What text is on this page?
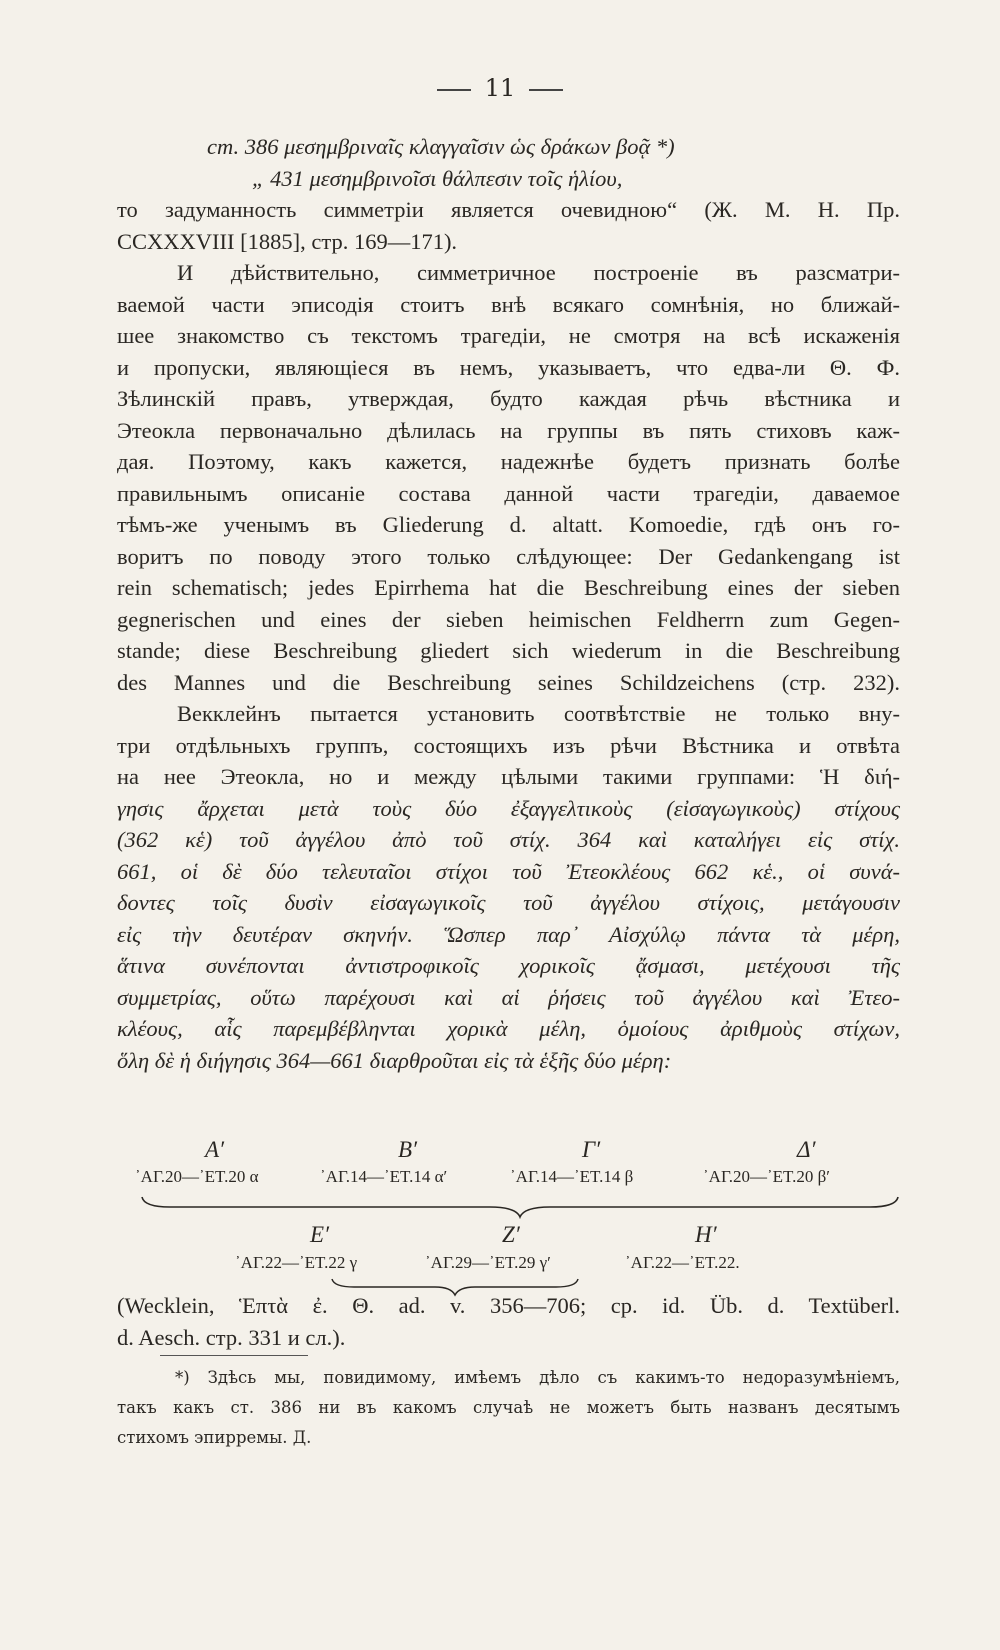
11
ст. 386 μεσημβριναῖς κλαγγαῖσιν ὡς δράκων βοᾷ *)
„ 431 μεσημβρινοῖσι θάλπεσιν τοῖς ἡλίου,
то задуманность симметріи является очевидною“ (Ж. М. Н. Пр.
CCXXXVIII [1885], стр. 169—171).
И дѣйствительно, симметричное построеніе въ разсматри-
ваемой части эписодія стоитъ внѣ всякаго сомнѣнія, но ближай-
шее знакомство съ текстомъ трагедіи, не смотря на всѣ искаженія
и пропуски, являющіеся въ немъ, указываетъ, что едва-ли Θ. Ф.
Зѣлинскій правъ, утверждая, будто каждая рѣчь вѣстника и
Этеокла первоначально дѣлилась на группы въ пять стиховъ каж-
дая. Поэтому, какъ кажется, надежнѣе будетъ признать болѣе
правильнымъ описаніе состава данной части трагедіи, даваемое
тѣмъ-же ученымъ въ Gliederung d. altatt. Komoedie, гдѣ онъ го-
воритъ по поводу этого только слѣдующее: Der Gedankengang ist
rein schematisch; jedes Epirrhema hat die Beschreibung eines der sieben
gegnerischen und eines der sieben heimischen Feldherrn zum Gegen-
stande; diese Beschreibung gliedert sich wiederum in die Beschreibung
des Mannes und die Beschreibung seines Schildzeichens (стр. 232).
Векклейнъ пытается установить соотвѣтствіе не только вну-
три отдѣльныхъ группъ, состоящихъ изъ рѣчи Вѣстника и отвѣта
на нее Этеокла, но и между цѣлыми такими группами: Ἡ διή-
γησις ἄρχεται μετὰ τοὺς δύο ἐξαγγελτικοὺς (εἰσαγωγικοὺς) στίχους
(362 κἑ) τοῦ ἀγγέλου ἀπὸ τοῦ στίχ. 364 καὶ καταλήγει εἰς στίχ.
661, οἱ δὲ δύο τελευταῖοι στίχοι τοῦ Ἐτεοκλέους 662 κἑ., οἱ συνά-
δοντες τοῖς δυσὶν εἰσαγωγικοῖς τοῦ ἀγγέλου στίχοις, μετάγουσιν
εἰς τὴν δευτέραν σκηνήν. Ὥσπερ παρ᾽ Αἰσχύλῳ πάντα τὰ μέρη,
ἅτινα συνέπονται ἀντιστροφικοῖς χορικοῖς ᾄσμασι, μετέχουσι τῆς
συμμετρίας, οὕτω παρέχουσι καὶ αἱ ῥήσεις τοῦ ἀγγέλου καὶ Ἐτεο-
κλέους, αἷς παρεμβέβληνται χορικὰ μέλη, ὁμοίους ἀριθμοὺς στίχων,
ὅλη δὲ ἡ διήγησις 364—661 διαρθροῦται εἰς τὰ ἑξῆς δύο μέρη:
Α′	Β′	Γ′	Δ′
᾽ΑΓ.20—᾽ΕΤ.20 α	᾽ΑΓ.14—᾽ΕΤ.14 α′	᾽ΑΓ.14—᾽ΕΤ.14 β	᾽ΑΓ.20—᾽ΕΤ.20 β′
Ε′	Ζ′	Η′
᾽ΑΓ.22—᾽ΕΤ.22 γ	᾽ΑΓ.29—᾽ΕΤ.29 γ′	᾽ΑΓ.22—᾽ΕΤ.22.
(Wecklein, Ἑπτὰ ἐ. Θ. ad. v. 356—706; cp. id. Üb. d. Textüberl.
d. Aesch. стр. 331 и сл.).
*) Здѣсь мы, повидимому, имѣемъ дѣло съ какимъ-то недоразумѣніемъ,
такъ какъ ст. 386 ни въ какомъ случаѣ не можетъ быть названъ десятымъ
стихомъ эпирремы. Д.
